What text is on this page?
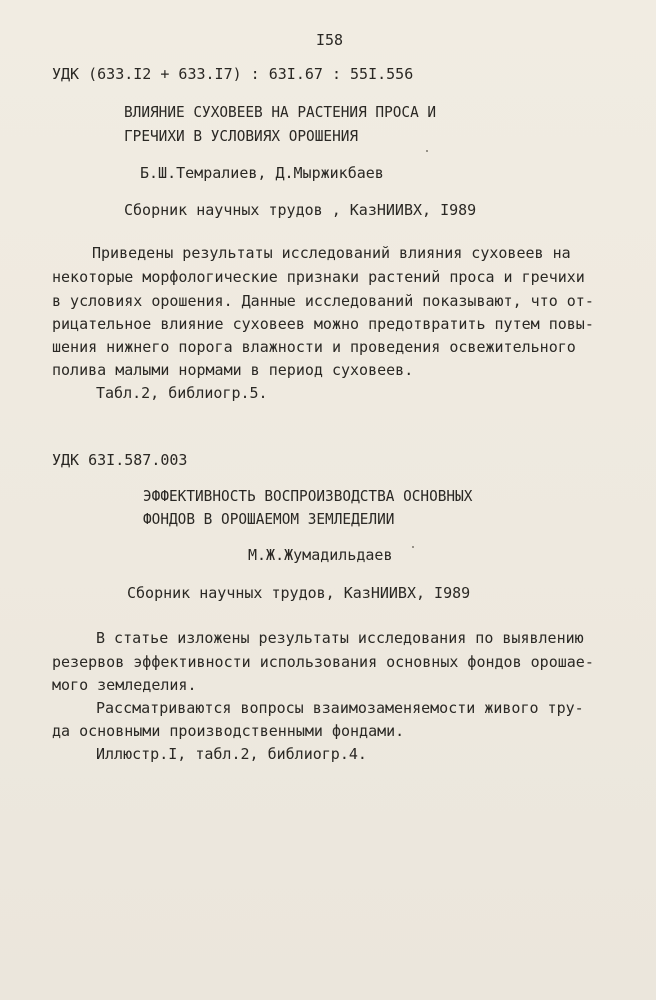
I58
УДК (633.I2 + 633.I7) : 63I.67 : 55I.556
ВЛИЯНИЕ СУХОВЕЕВ НА РАСТЕНИЯ ПРОСА И
ГРЕЧИХИ В УСЛОВИЯХ ОРОШЕНИЯ
Б.Ш.Темралиев, Д.Мыржикбаев
Сборник научных трудов , КазНИИВХ, I989
Приведены результаты исследований влияния суховеев на
некоторые морфологические признаки растений проса и гречихи
в условиях орошения. Данные исследований показывают, что от-
рицательное влияние суховеев можно предотвратить путем повы-
шения нижнего порога влажности и проведения освежительного
полива малыми нормами в период суховеев.
Табл.2, библиогр.5.
УДК 63I.587.003
ЭФФЕКТИВНОСТЬ ВОСПРОИЗВОДСТВА ОСНОВНЫХ
ФОНДОВ В ОРОШАЕМОМ ЗЕМЛЕДЕЛИИ
М.Ж.Жумадильдаев
Сборник научных трудов, КазНИИВХ, I989
В статье изложены результаты исследования по выявлению
резервов эффективности использования основных фондов орошае-
мого земледелия.
Рассматриваются вопросы взаимозаменяемости живого тру-
да основными производственными фондами.
Иллюстр.I, табл.2, библиогр.4.
